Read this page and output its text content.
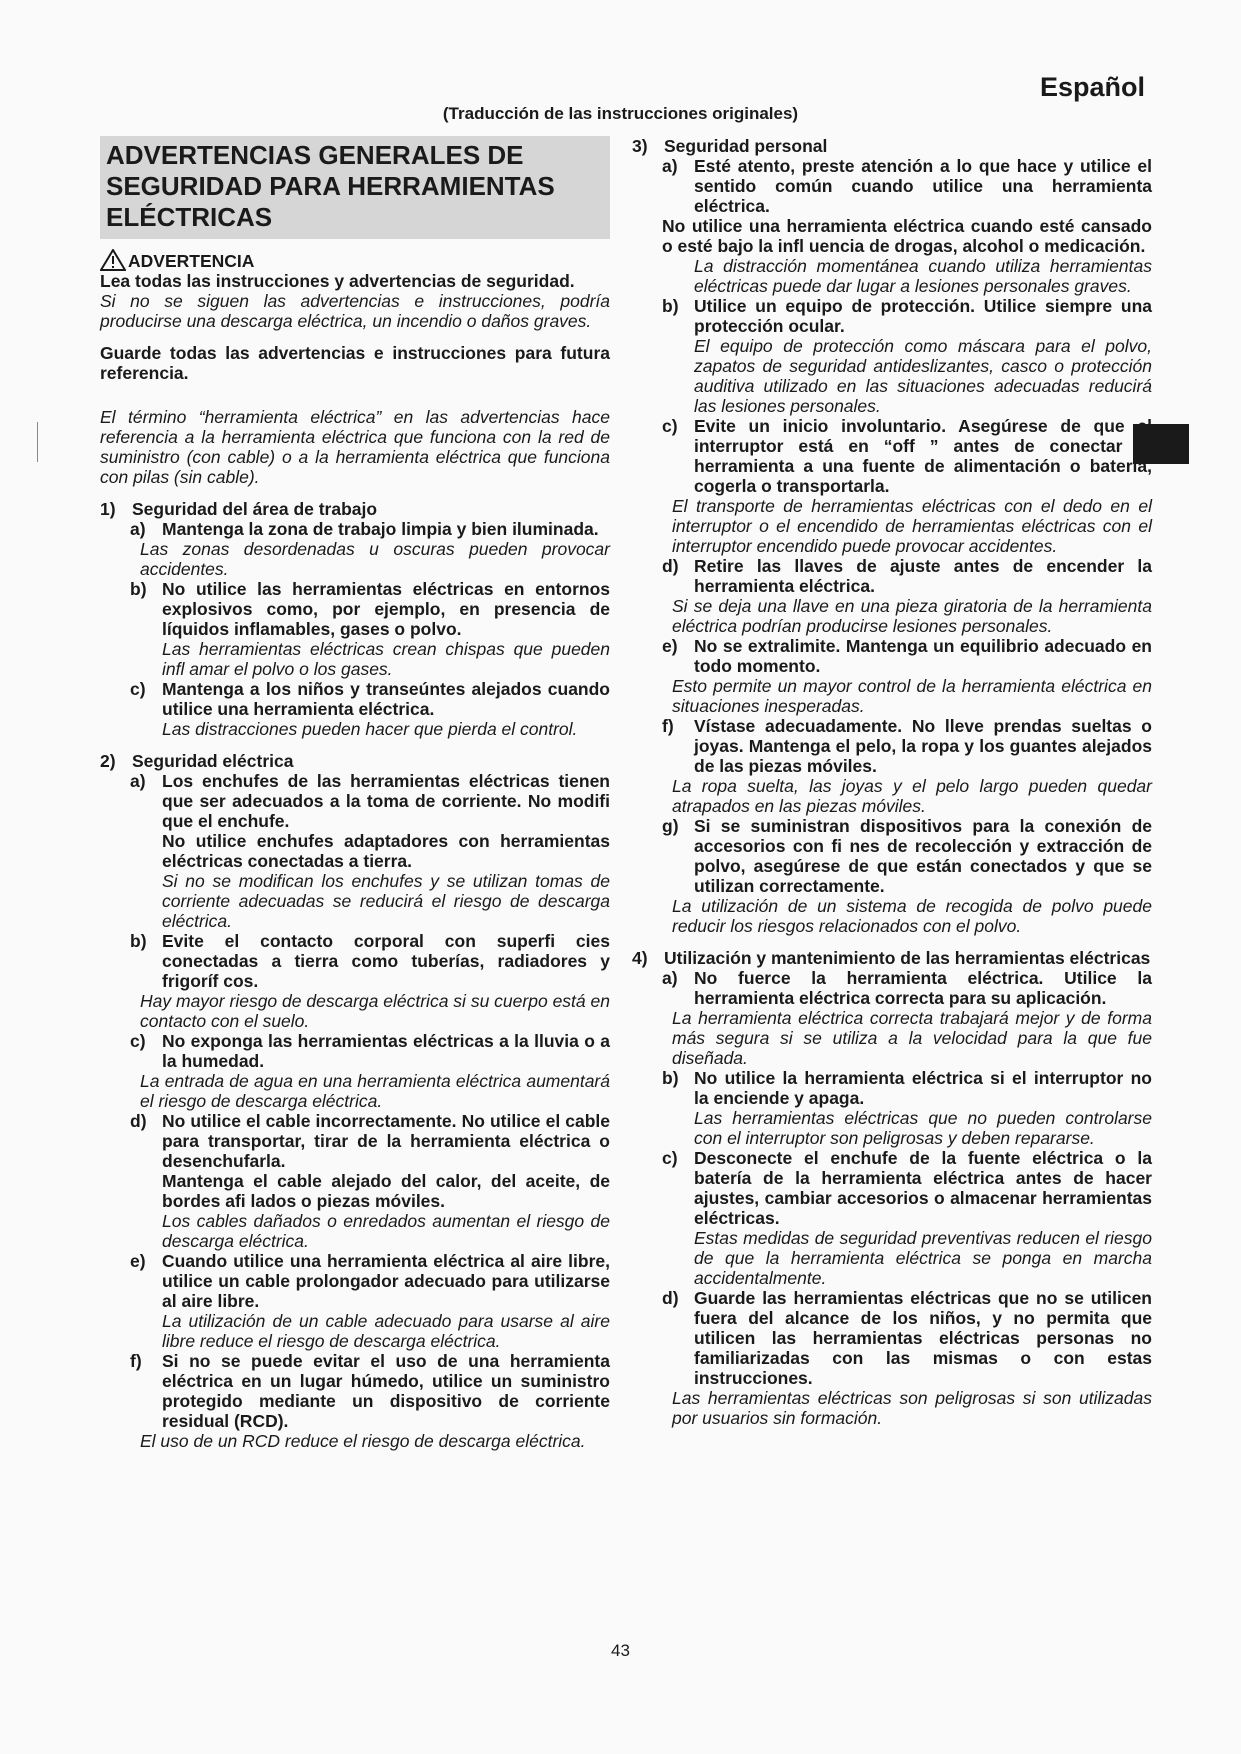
Español
(Traducción de las instrucciones originales)
ADVERTENCIAS GENERALES DE SEGURIDAD PARA HERRAMIENTAS ELÉCTRICAS
ADVERTENCIA

Lea todas las instrucciones y advertencias de seguridad.

Si no se siguen las advertencias e instrucciones, podría producirse una descarga eléctrica, un incendio o daños graves.

Guarde todas las advertencias e instrucciones para futura referencia.

El término “herramienta eléctrica” en las advertencias hace referencia a la herramienta eléctrica que funciona con la red de suministro (con cable) o a la herramienta eléctrica que funciona con pilas (sin cable).

1) Seguridad del área de trabajo
a) Mantenga la zona de trabajo limpia y bien iluminada.

Las zonas desordenadas u oscuras pueden provocar accidentes.

b) No utilice las herramientas eléctricas en entornos explosivos como, por ejemplo, en presencia de líquidos inflamables, gases o polvo.

Las herramientas eléctricas crean chispas que pueden infl amar el polvo o los gases.

c) Mantenga a los niños y transeúntes alejados cuando utilice una herramienta eléctrica.

Las distracciones pueden hacer que pierda el control.

2) Seguridad eléctrica
a) Los enchufes de las herramientas eléctricas tienen que ser adecuados a la toma de corriente. No modifi que el enchufe.

No utilice enchufes adaptadores con herramientas eléctricas conectadas a tierra.

Si no se modifican los enchufes y se utilizan tomas de corriente adecuadas se reducirá el riesgo de descarga eléctrica.

b) Evite el contacto corporal con superfi cies conectadas a tierra como tuberías, radiadores y frigoríf cos.

Hay mayor riesgo de descarga eléctrica si su cuerpo está en contacto con el suelo.

c) No exponga las herramientas eléctricas a la lluvia o a la humedad.

La entrada de agua en una herramienta eléctrica aumentará el riesgo de descarga eléctrica.

d) No utilice el cable incorrectamente. No utilice el cable para transportar, tirar de la herramienta eléctrica o desenchufarla.

Mantenga el cable alejado del calor, del aceite, de bordes afi lados o piezas móviles.

Los cables dañados o enredados aumentan el riesgo de descarga eléctrica.

e) Cuando utilice una herramienta eléctrica al aire libre, utilice un cable prolongador adecuado para utilizarse al aire libre.

La utilización de un cable adecuado para usarse al aire libre reduce el riesgo de descarga eléctrica.

f)	Si no se puede evitar el uso de una herramienta eléctrica en un lugar húmedo, utilice un suministro protegido mediante un dispositivo de corriente residual (RCD).

El uso de un RCD reduce el riesgo de descarga eléctrica.

3) Seguridad personal
a) Esté atento, preste atención a lo que hace y utilice el sentido común cuando utilice una herramienta eléctrica.

No utilice una herramienta eléctrica cuando esté cansado o esté bajo la infl uencia de drogas, alcohol o medicación.

La distracción momentánea cuando utiliza herramientas eléctricas puede dar lugar a lesiones personales graves.

b) Utilice un equipo de protección. Utilice siempre una protección ocular.

El equipo de protección como máscara para el polvo, zapatos de seguridad antideslizantes, casco o protección auditiva utilizado en las situaciones adecuadas reducirá las lesiones personales.

c) Evite un inicio involuntario. Asegúrese de que el interruptor está en “off ” antes de conectar la herramienta a una fuente de alimentación o batería, cogerla o transportarla.

El transporte de herramientas eléctricas con el dedo en el interruptor o el encendido de herramientas eléctricas con el interruptor encendido puede provocar accidentes.

d) Retire las llaves de ajuste antes de encender la herramienta eléctrica.

Si se deja una llave en una pieza giratoria de la herramienta eléctrica podrían producirse lesiones personales.

e) No se extralimite. Mantenga un equilibrio adecuado en todo momento.

Esto permite un mayor control de la herramienta eléctrica en situaciones inesperadas.

f)	Vístase adecuadamente. No lleve prendas sueltas o joyas. Mantenga el pelo, la ropa y los guantes alejados de las piezas móviles.

La ropa suelta, las joyas y el pelo largo pueden quedar atrapados en las piezas móviles.

g) Si se suministran dispositivos para la conexión de accesorios con fi nes de recolección y extracción de polvo, asegúrese de que están conectados y que se utilizan correctamente.

La utilización de un sistema de recogida de polvo puede reducir los riesgos relacionados con el polvo.

4) Utilización y mantenimiento de las herramientas eléctricas
a) No fuerce la herramienta eléctrica. Utilice la herramienta eléctrica correcta para su aplicación.

La herramienta eléctrica correcta trabajará mejor y de forma más segura si se utiliza a la velocidad para la que fue diseñada.

b) No utilice la herramienta eléctrica si el interruptor no la enciende y apaga.

Las herramientas eléctricas que no pueden controlarse con el interruptor son peligrosas y deben repararse.

c) Desconecte el enchufe de la fuente eléctrica o la batería de la herramienta eléctrica antes de hacer ajustes, cambiar accesorios o almacenar herramientas eléctricas.

Estas medidas de seguridad preventivas reducen el riesgo de que la herramienta eléctrica se ponga en marcha accidentalmente.

d) Guarde las herramientas eléctricas que no se utilicen fuera del alcance de los niños, y no permita que utilicen las herramientas eléctricas personas no familiarizadas con las mismas o con estas instrucciones.

Las herramientas eléctricas son peligrosas si son utilizadas por usuarios sin formación.

43
